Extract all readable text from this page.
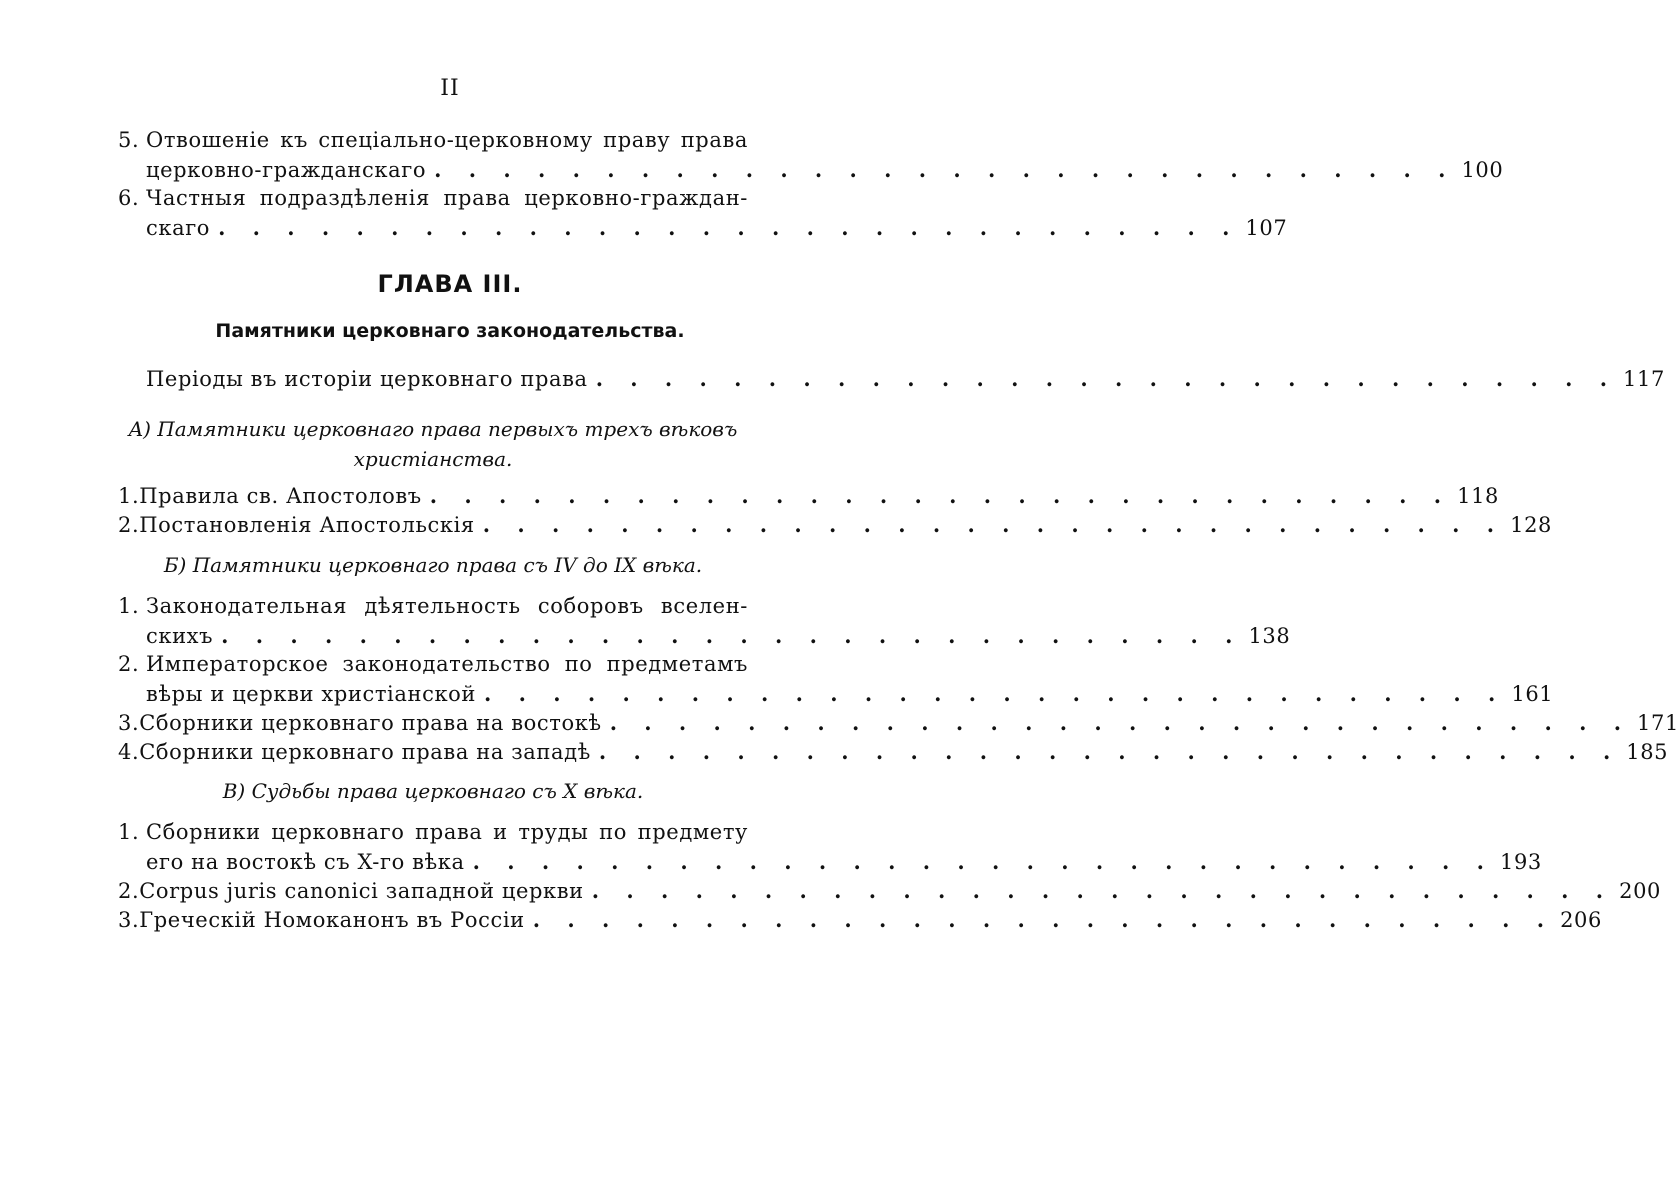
II
5. Отвошеніе къ спеціально-церковному праву права
церковно-гражданскаго . . . . . . . . . . . . . . . . . . . . . . . . . . . . . . 100
6. Частныя подраздѣленія права церковно-граждан-
скаго . . . . . . . . . . . . . . . . . . . . . . . . . . . . . . 107
ГЛАВА III.
Памятники церковнаго законодательства.
Періоды въ исторіи церковнаго права . . . . . . . . . . . . . . . . . . . . . . . . . . . . . . 117
A) Памятники церковнаго права первыхъ трехъ вѣковъ
христіанства.
1. Правила св. Апостоловъ . . . . . . . . . . . . . . . . . . . . . . . . . . . . . . 118
2. Постановленія Апостольскія . . . . . . . . . . . . . . . . . . . . . . . . . . . . . . 128
Б) Памятники церковнаго права съ IV до IX вѣка.
1. Законодательная дѣятельность соборовъ вселен-
скихъ . . . . . . . . . . . . . . . . . . . . . . . . . . . . . . 138
2. Императорское законодательство по предметамъ
вѣры и церкви христіанской . . . . . . . . . . . . . . . . . . . . . . . . . . . . . . 161
3. Сборники церковнаго права на востокѣ . . . . . . . . . . . . . . . . . . . . . . . . . . . . . . 171
4. Сборники церковнаго права на западѣ . . . . . . . . . . . . . . . . . . . . . . . . . . . . . . 185
B) Судьбы права церковнаго съ X вѣка.
1. Сборники церковнаго права и труды по предмету
его на востокѣ съ X-го вѣка . . . . . . . . . . . . . . . . . . . . . . . . . . . . . . 193
2. Corpus juris canonici западной церкви . . . . . . . . . . . . . . . . . . . . . . . . . . . . . . 200
3. Греческій Номоканонъ въ Россіи . . . . . . . . . . . . . . . . . . . . . . . . . . . . . . 206
